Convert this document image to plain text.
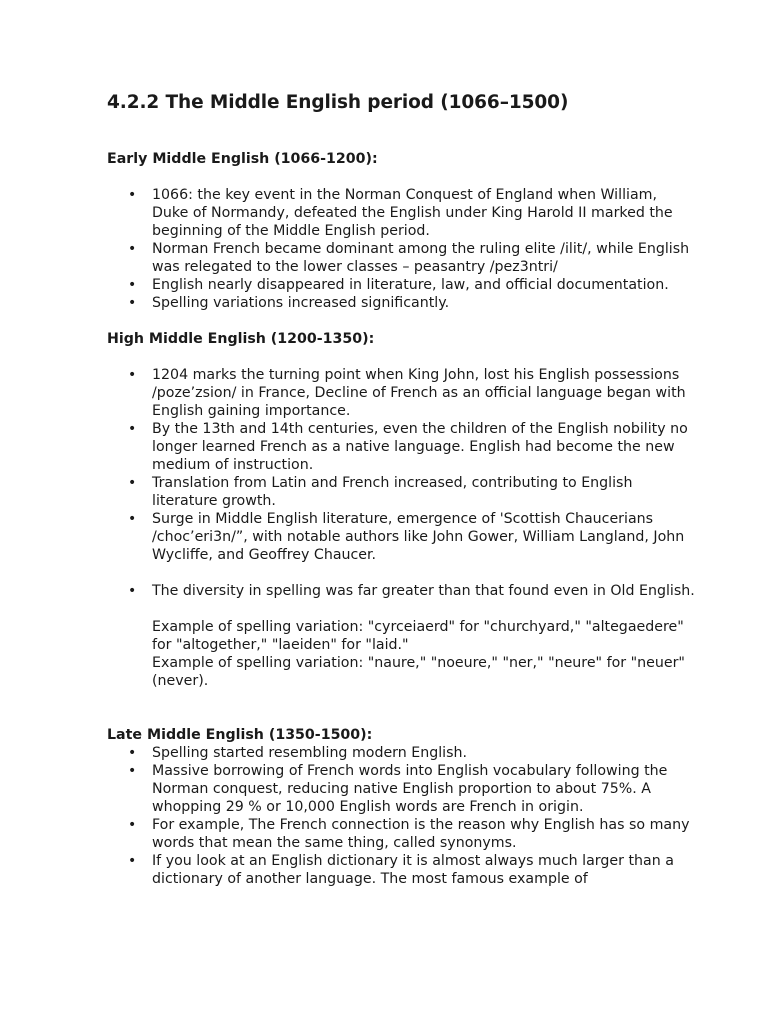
4.2.2 The Middle English period (1066–1500)

Early Middle English (1066-1200):

• 1066: the key event in the Norman Conquest of England when William, Duke of Normandy, defeated the English under King Harold II marked the beginning of the Middle English period.
• Norman French became dominant among the ruling elite /ilit/, while English was relegated to the lower classes – peasantry /pez3ntri/
• English nearly disappeared in literature, law, and official documentation.
• Spelling variations increased significantly.

High Middle English (1200-1350):

• 1204 marks the turning point when King John, lost his English possessions /poze’zsion/ in France, Decline of French as an official language began with English gaining importance.
• By the 13th and 14th centuries, even the children of the English nobility no longer learned French as a native language. English had become the new medium of instruction.
• Translation from Latin and French increased, contributing to English literature growth.
• Surge in Middle English literature, emergence of 'Scottish Chaucerians /choc’eri3n/”, with notable authors like John Gower, William Langland, John Wycliffe, and Geoffrey Chaucer.
• The diversity in spelling was far greater than that found even in Old English.

Example of spelling variation: "cyrceiaerd" for "churchyard," "altegaedere" for "altogether," "laeiden" for "laid."

Example of spelling variation: "naure," "noeure," "ner," "neure" for "neuer" (never).

Late Middle English (1350-1500):

• Spelling started resembling modern English.
• Massive borrowing of French words into English vocabulary following the Norman conquest, reducing native English proportion to about 75%. A whopping 29 % or 10,000 English words are French in origin.
• For example, The French connection is the reason why English has so many words that mean the same thing, called synonyms.
• If you look at an English dictionary it is almost always much larger than a dictionary of another language. The most famous example of
